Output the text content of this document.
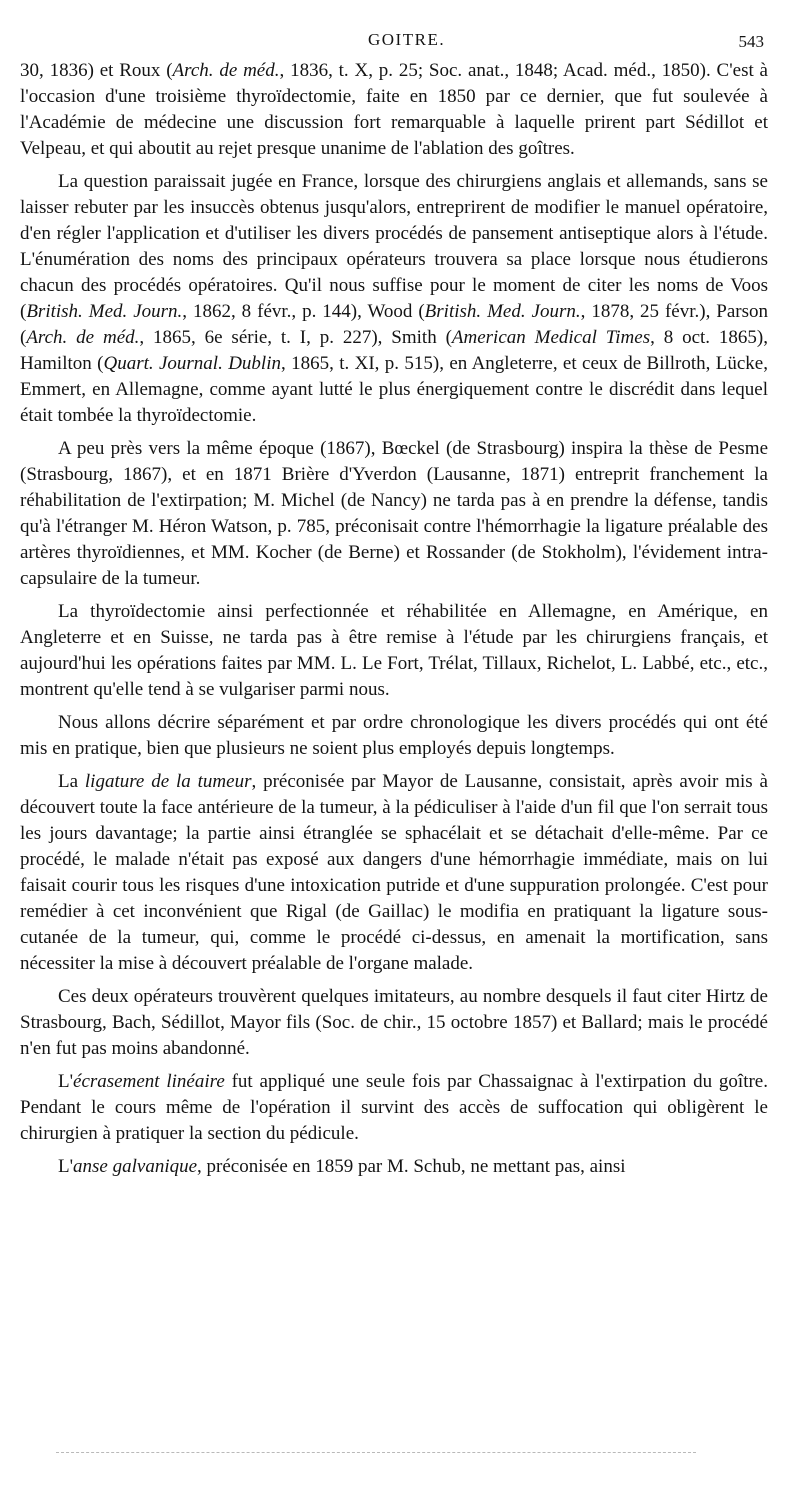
GOITRE.	543

30, 1836) et Roux (Arch. de méd., 1836, t. X, p. 25; Soc. anat., 1848; Acad. méd., 1850). C'est à l'occasion d'une troisième thyroïdectomie, faite en 1850 par ce dernier, que fut soulevée à l'Académie de médecine une discussion fort remarquable à laquelle prirent part Sédillot et Velpeau, et qui aboutit au rejet presque unanime de l'ablation des goîtres.

La question paraissait jugée en France, lorsque des chirurgiens anglais et allemands, sans se laisser rebuter par les insuccès obtenus jusqu'alors, entreprirent de modifier le manuel opératoire, d'en régler l'application et d'utiliser les divers procédés de pansement antiseptique alors à l'étude. L'énumération des noms des principaux opérateurs trouvera sa place lorsque nous étudierons chacun des procédés opératoires. Qu'il nous suffise pour le moment de citer les noms de Voos (British. Med. Journ., 1862, 8 févr., p. 144), Wood (British. Med. Journ., 1878, 25 févr.), Parson (Arch. de méd., 1865, 6e série, t. I, p. 227), Smith (American Medical Times, 8 oct. 1865), Hamilton (Quart. Journal. Dublin, 1865, t. XI, p. 515), en Angleterre, et ceux de Billroth, Lücke, Emmert, en Allemagne, comme ayant lutté le plus énergiquement contre le discrédit dans lequel était tombée la thyroïdectomie.

A peu près vers la même époque (1867), Bœckel (de Strasbourg) inspira la thèse de Pesme (Strasbourg, 1867), et en 1871 Brière d'Yverdon (Lausanne, 1871) entreprit franchement la réhabilitation de l'extirpation; M. Michel (de Nancy) ne tarda pas à en prendre la défense, tandis qu'à l'étranger M. Héron Watson, p. 785, préconisait contre l'hémorrhagie la ligature préalable des artères thyroïdiennes, et MM. Kocher (de Berne) et Rossander (de Stokholm), l'évidement intra-capsulaire de la tumeur.

La thyroïdectomie ainsi perfectionnée et réhabilitée en Allemagne, en Amérique, en Angleterre et en Suisse, ne tarda pas à être remise à l'étude par les chirurgiens français, et aujourd'hui les opérations faites par MM. L. Le Fort, Trélat, Tillaux, Richelot, L. Labbé, etc., etc., montrent qu'elle tend à se vulgariser parmi nous.

Nous allons décrire séparément et par ordre chronologique les divers procédés qui ont été mis en pratique, bien que plusieurs ne soient plus employés depuis longtemps.

La ligature de la tumeur, préconisée par Mayor de Lausanne, consistait, après avoir mis à découvert toute la face antérieure de la tumeur, à la pédiculiser à l'aide d'un fil que l'on serrait tous les jours davantage; la partie ainsi étranglée se sphacélait et se détachait d'elle-même. Par ce procédé, le malade n'était pas exposé aux dangers d'une hémorrhagie immédiate, mais on lui faisait courir tous les risques d'une intoxication putride et d'une suppuration prolongée. C'est pour remédier à cet inconvénient que Rigal (de Gaillac) le modifia en pratiquant la ligature sous-cutanée de la tumeur, qui, comme le procédé ci-dessus, en amenait la mortification, sans nécessiter la mise à découvert préalable de l'organe malade.

Ces deux opérateurs trouvèrent quelques imitateurs, au nombre desquels il faut citer Hirtz de Strasbourg, Bach, Sédillot, Mayor fils (Soc. de chir., 15 octobre 1857) et Ballard; mais le procédé n'en fut pas moins abandonné.

L'écrasement linéaire fut appliqué une seule fois par Chassaignac à l'extirpation du goître. Pendant le cours même de l'opération il survint des accès de suffocation qui obligèrent le chirurgien à pratiquer la section du pédicule.

L'anse galvanique, préconisée en 1859 par M. Schub, ne mettant pas, ainsi
